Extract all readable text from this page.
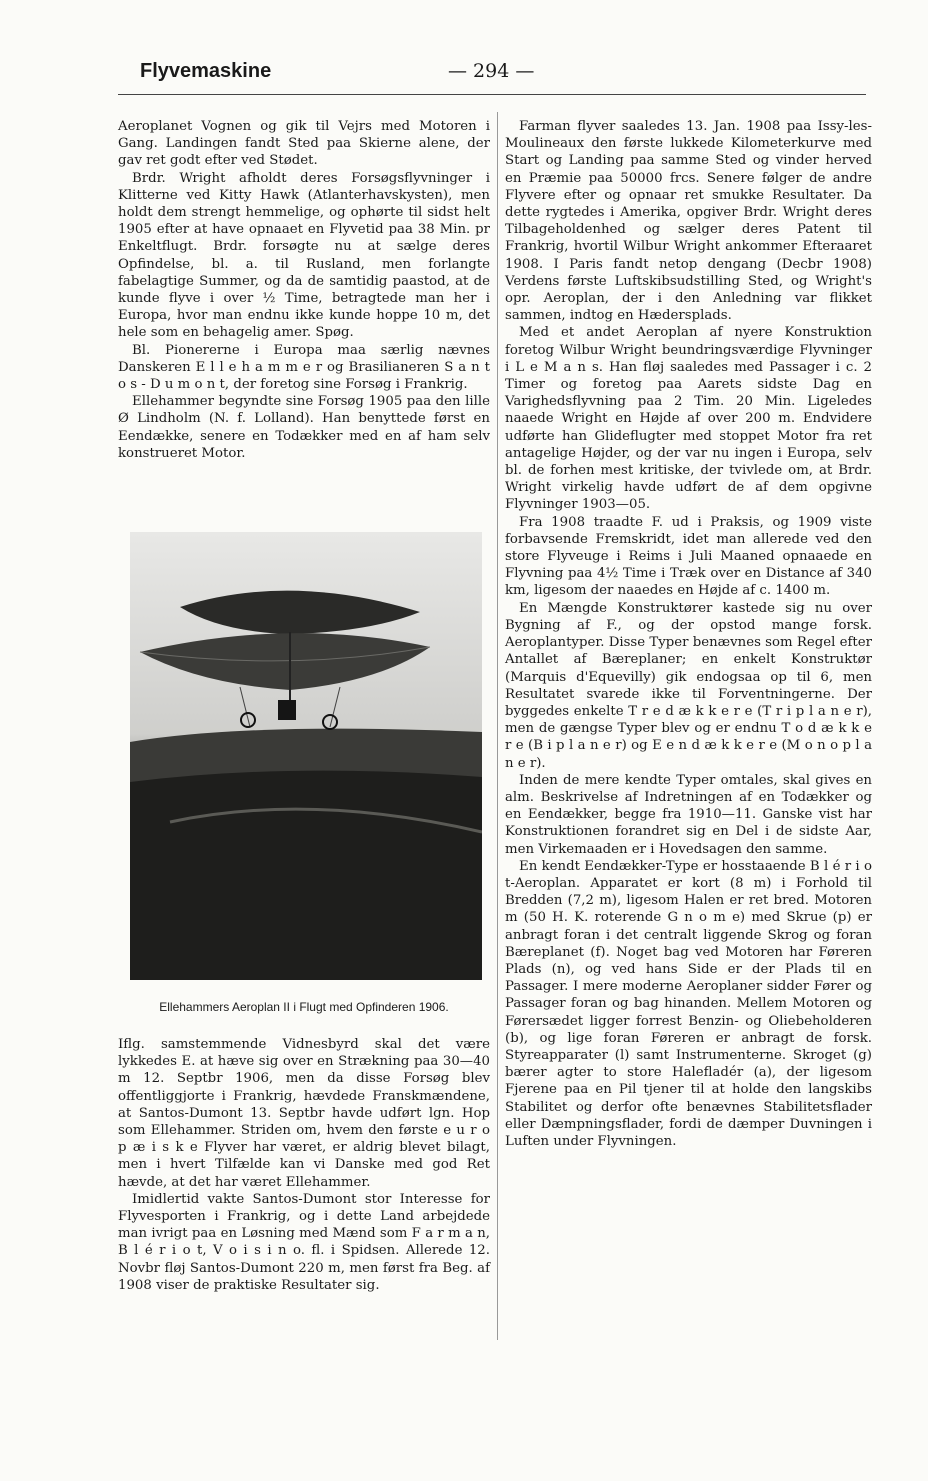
Flyvemaskine	— 294 —

Aeroplanet Vognen og gik til Vejrs med Motoren i Gang. Landingen fandt Sted paa Skierne alene, der gav ret godt efter ved Stødet.

Brdr. Wright afholdt deres Forsøgsflyvninger i Klitterne ved Kitty Hawk (Atlanterhavskysten), men holdt dem strengt hemmelige, og ophørte til sidst helt 1905 efter at have opnaaet en Flyvetid paa 38 Min. pr Enkeltflugt. Brdr. forsøgte nu at sælge deres Opfindelse, bl. a. til Rusland, men forlangte fabelagtige Summer, og da de samtidig paastod, at de kunde flyve i over ½ Time, betragtede man her i Europa, hvor man endnu ikke kunde hoppe 10 m, det hele som en behagelig amer. Spøg.

Bl. Pionererne i Europa maa særlig nævnes Danskeren E l l e h a m m e r og Brasilianeren S a n t o s - D u m o n t, der foretog sine Forsøg i Frankrig.

Ellehammer begyndte sine Forsøg 1905 paa den lille Ø Lindholm (N. f. Lolland). Han benyttede først en Eendække, senere en Todækker med en af ham selv konstrueret Motor.

Ellehammers Aeroplan II i Flugt med Opfinderen 1906.

Iflg. samstemmende Vidnesbyrd skal det være lykkedes E. at hæve sig over en Strækning paa 30—40 m 12. Septbr 1906, men da disse Forsøg blev offentliggjorte i Frankrig, hævdede Franskmændene, at Santos-Dumont 13. Septbr havde udført lgn. Hop som Ellehammer. Striden om, hvem den første e u r o p æ i s k e Flyver har været, er aldrig blevet bilagt, men i hvert Tilfælde kan vi Danske med god Ret hævde, at det har været Ellehammer.

Imidlertid vakte Santos-Dumont stor Interesse for Flyvesporten i Frankrig, og i dette Land arbejdede man ivrigt paa en Løsning med Mænd som F a r m a n, B l é r i o t, V o i s i n o. fl. i Spidsen. Allerede 12. Novbr fløj Santos-Dumont 220 m, men først fra Beg. af 1908 viser de praktiske Resultater sig.

Farman flyver saaledes 13. Jan. 1908 paa Issy-les-Moulineaux den første lukkede Kilometerkurve med Start og Landing paa samme Sted og vinder herved en Præmie paa 50000 frcs. Senere følger de andre Flyvere efter og opnaar ret smukke Resultater. Da dette rygtedes i Amerika, opgiver Brdr. Wright deres Tilbageholdenhed og sælger deres Patent til Frankrig, hvortil Wilbur Wright ankommer Efteraaret 1908. I Paris fandt netop dengang (Decbr 1908) Verdens første Luftskibsudstilling Sted, og Wright's opr. Aeroplan, der i den Anledning var flikket sammen, indtog en Hædersplads.

Med et andet Aeroplan af nyere Konstruktion foretog Wilbur Wright beundringsværdige Flyvninger i L e M a n s. Han fløj saaledes med Passager i c. 2 Timer og foretog paa Aarets sidste Dag en Varighedsflyvning paa 2 Tim. 20 Min. Ligeledes naaede Wright en Højde af over 200 m. Endvidere udførte han Glideflugter med stoppet Motor fra ret antagelige Højder, og der var nu ingen i Europa, selv bl. de forhen mest kritiske, der tvivlede om, at Brdr. Wright virkelig havde udført de af dem opgivne Flyvninger 1903—05.

Fra 1908 traadte F. ud i Praksis, og 1909 viste forbavsende Fremskridt, idet man allerede ved den store Flyveuge i Reims i Juli Maaned opnaaede en Flyvning paa 4½ Time i Træk over en Distance af 340 km, ligesom der naaedes en Højde af c. 1400 m.

En Mængde Konstruktører kastede sig nu over Bygning af F., og der opstod mange forsk. Aeroplantyper. Disse Typer benævnes som Regel efter Antallet af Bæreplaner; en enkelt Konstruktør (Marquis d'Equevilly) gik endogsaa op til 6, men Resultatet svarede ikke til Forventningerne. Der byggedes enkelte T r e d æ k k e r e (T r i p l a n e r), men de gængse Typer blev og er endnu T o d æ k k e r e (B i p l a n e r) og E e n d æ k k e r e (M o n o p l a n e r).

Inden de mere kendte Typer omtales, skal gives en alm. Beskrivelse af Indretningen af en Todækker og en Eendækker, begge fra 1910—11. Ganske vist har Konstruktionen forandret sig en Del i de sidste Aar, men Virkemaaden er i Hovedsagen den samme.

En kendt Eendækker-Type er hosstaaende B l é r i o t-Aeroplan. Apparatet er kort (8 m) i Forhold til Bredden (7,2 m), ligesom Halen er ret bred. Motoren m (50 H. K. roterende G n o m e) med Skrue (p) er anbragt foran i det centralt liggende Skrog og foran Bæreplanet (f). Noget bag ved Motoren har Føreren Plads (n), og ved hans Side er der Plads til en Passager. I mere moderne Aeroplaner sidder Fører og Passager foran og bag hinanden. Mellem Motoren og Førersædet ligger forrest Benzin- og Oliebeholderen (b), og lige foran Føreren er anbragt de forsk. Styreapparater (l) samt Instrumenterne. Skroget (g) bærer agter to store Halefladér (a), der ligesom Fjerene paa en Pil tjener til at holde den langskibs Stabilitet og derfor ofte benævnes Stabilitetsflader eller Dæmpningsflader, fordi de dæmper Duvningen i Luften under Flyvningen.
